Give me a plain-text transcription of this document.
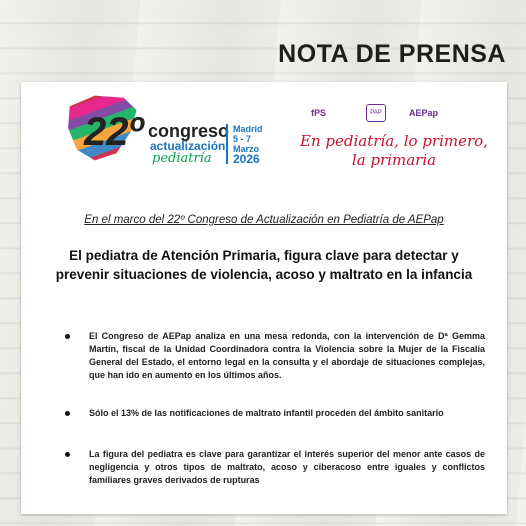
NOTA DE PRENSA
22º congreso
actualización
pediatría
Madrid
5 - 7
Marzo
2026
fPS	PAP	AEPap
En pediatría, lo primero,
la primaria
En el marco del 22º Congreso de Actualización en Pediatría de AEPap
El pediatra de Atención Primaria, figura clave para detectar y prevenir situaciones de violencia, acoso y maltrato en la infancia
El Congreso de AEPap analiza en una mesa redonda, con la intervención de Dª Gemma Martín, fiscal de la Unidad Coordinadora contra la Violencia sobre la Mujer de la Fiscalía General del Estado, el entorno legal en la consulta y el abordaje de situaciones complejas, que han ido en aumento en los últimos años.
Sólo el 13% de las notificaciones de maltrato infantil proceden del ámbito sanitario
La figura del pediatra es clave para garantizar el interés superior del menor ante casos de negligencia y otros tipos de maltrato, acoso y ciberacoso entre iguales y conflictos familiares graves derivados de rupturas
